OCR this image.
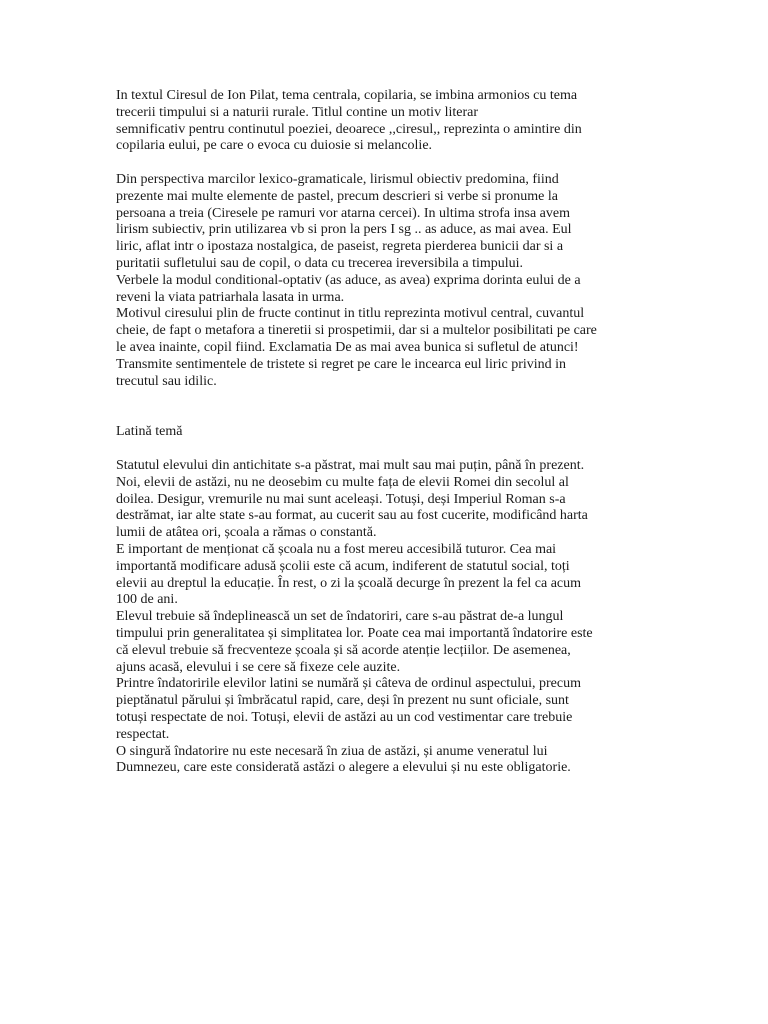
In textul Ciresul de Ion Pilat, tema centrala, copilaria, se imbina armonios cu tema
trecerii timpului si a naturii rurale. Titlul contine un motiv literar
semnificativ pentru continutul poeziei, deoarece ,,ciresul,, reprezinta o amintire din
copilaria eului, pe care o evoca cu duiosie si melancolie.
Din perspectiva marcilor lexico-gramaticale, lirismul obiectiv predomina, fiind
prezente mai multe elemente de pastel, precum descrieri si verbe si pronume la
persoana a treia (Ciresele pe ramuri vor atarna cercei). In ultima strofa insa avem
lirism subiectiv, prin utilizarea vb si pron la pers I sg .. as aduce, as mai avea. Eul
liric, aflat intr o ipostaza nostalgica, de paseist, regreta pierderea bunicii dar si a
puritatii sufletului sau de copil, o data cu trecerea ireversibila a timpului.
Verbele la modul conditional-optativ (as aduce, as avea) exprima dorinta eului de a
reveni la viata patriarhala lasata in urma.
Motivul ciresului plin de fructe continut in titlu reprezinta motivul central, cuvantul
cheie, de fapt o metafora a tineretii si prospetimii, dar si a multelor posibilitati pe care
le avea inainte, copil fiind. Exclamatia De as mai avea bunica si sufletul de atunci!
Transmite sentimentele de tristete si regret pe care le incearca eul liric privind in
trecutul sau idilic.
Latină temă
Statutul elevului din antichitate s-a păstrat, mai mult sau mai puțin, până în prezent.
Noi, elevii de astăzi, nu ne deosebim cu multe fața de elevii Romei din secolul al
doilea. Desigur, vremurile nu mai sunt aceleași. Totuși, deși Imperiul Roman s-a
destrămat, iar alte state s-au format, au cucerit sau au fost cucerite, modificând harta
lumii de atâtea ori, școala a rămas o constantă.
E important de menționat că școala nu a fost mereu accesibilă tuturor. Cea mai
importantă modificare adusă școlii este că acum, indiferent de statutul social, toți
elevii au dreptul la educație. În rest, o zi la școală decurge în prezent la fel ca acum
100 de ani.
Elevul trebuie să îndeplinească un set de îndatoriri, care s-au păstrat de-a lungul
timpului prin generalitatea și simplitatea lor. Poate cea mai importantă îndatorire este
că elevul trebuie să frecventeze școala și să acorde atenție lecțiilor. De asemenea,
ajuns acasă, elevului i se cere să fixeze cele auzite.
Printre îndatoririle elevilor latini se numără și câteva de ordinul aspectului, precum
pieptănatul părului și îmbrăcatul rapid, care, deși în prezent nu sunt oficiale, sunt
totuși respectate de noi. Totuși, elevii de astăzi au un cod vestimentar care trebuie
respectat.
O singură îndatorire nu este necesară în ziua de astăzi, și anume veneratul lui
Dumnezeu, care este considerată astăzi o alegere a elevului și nu este obligatorie.
